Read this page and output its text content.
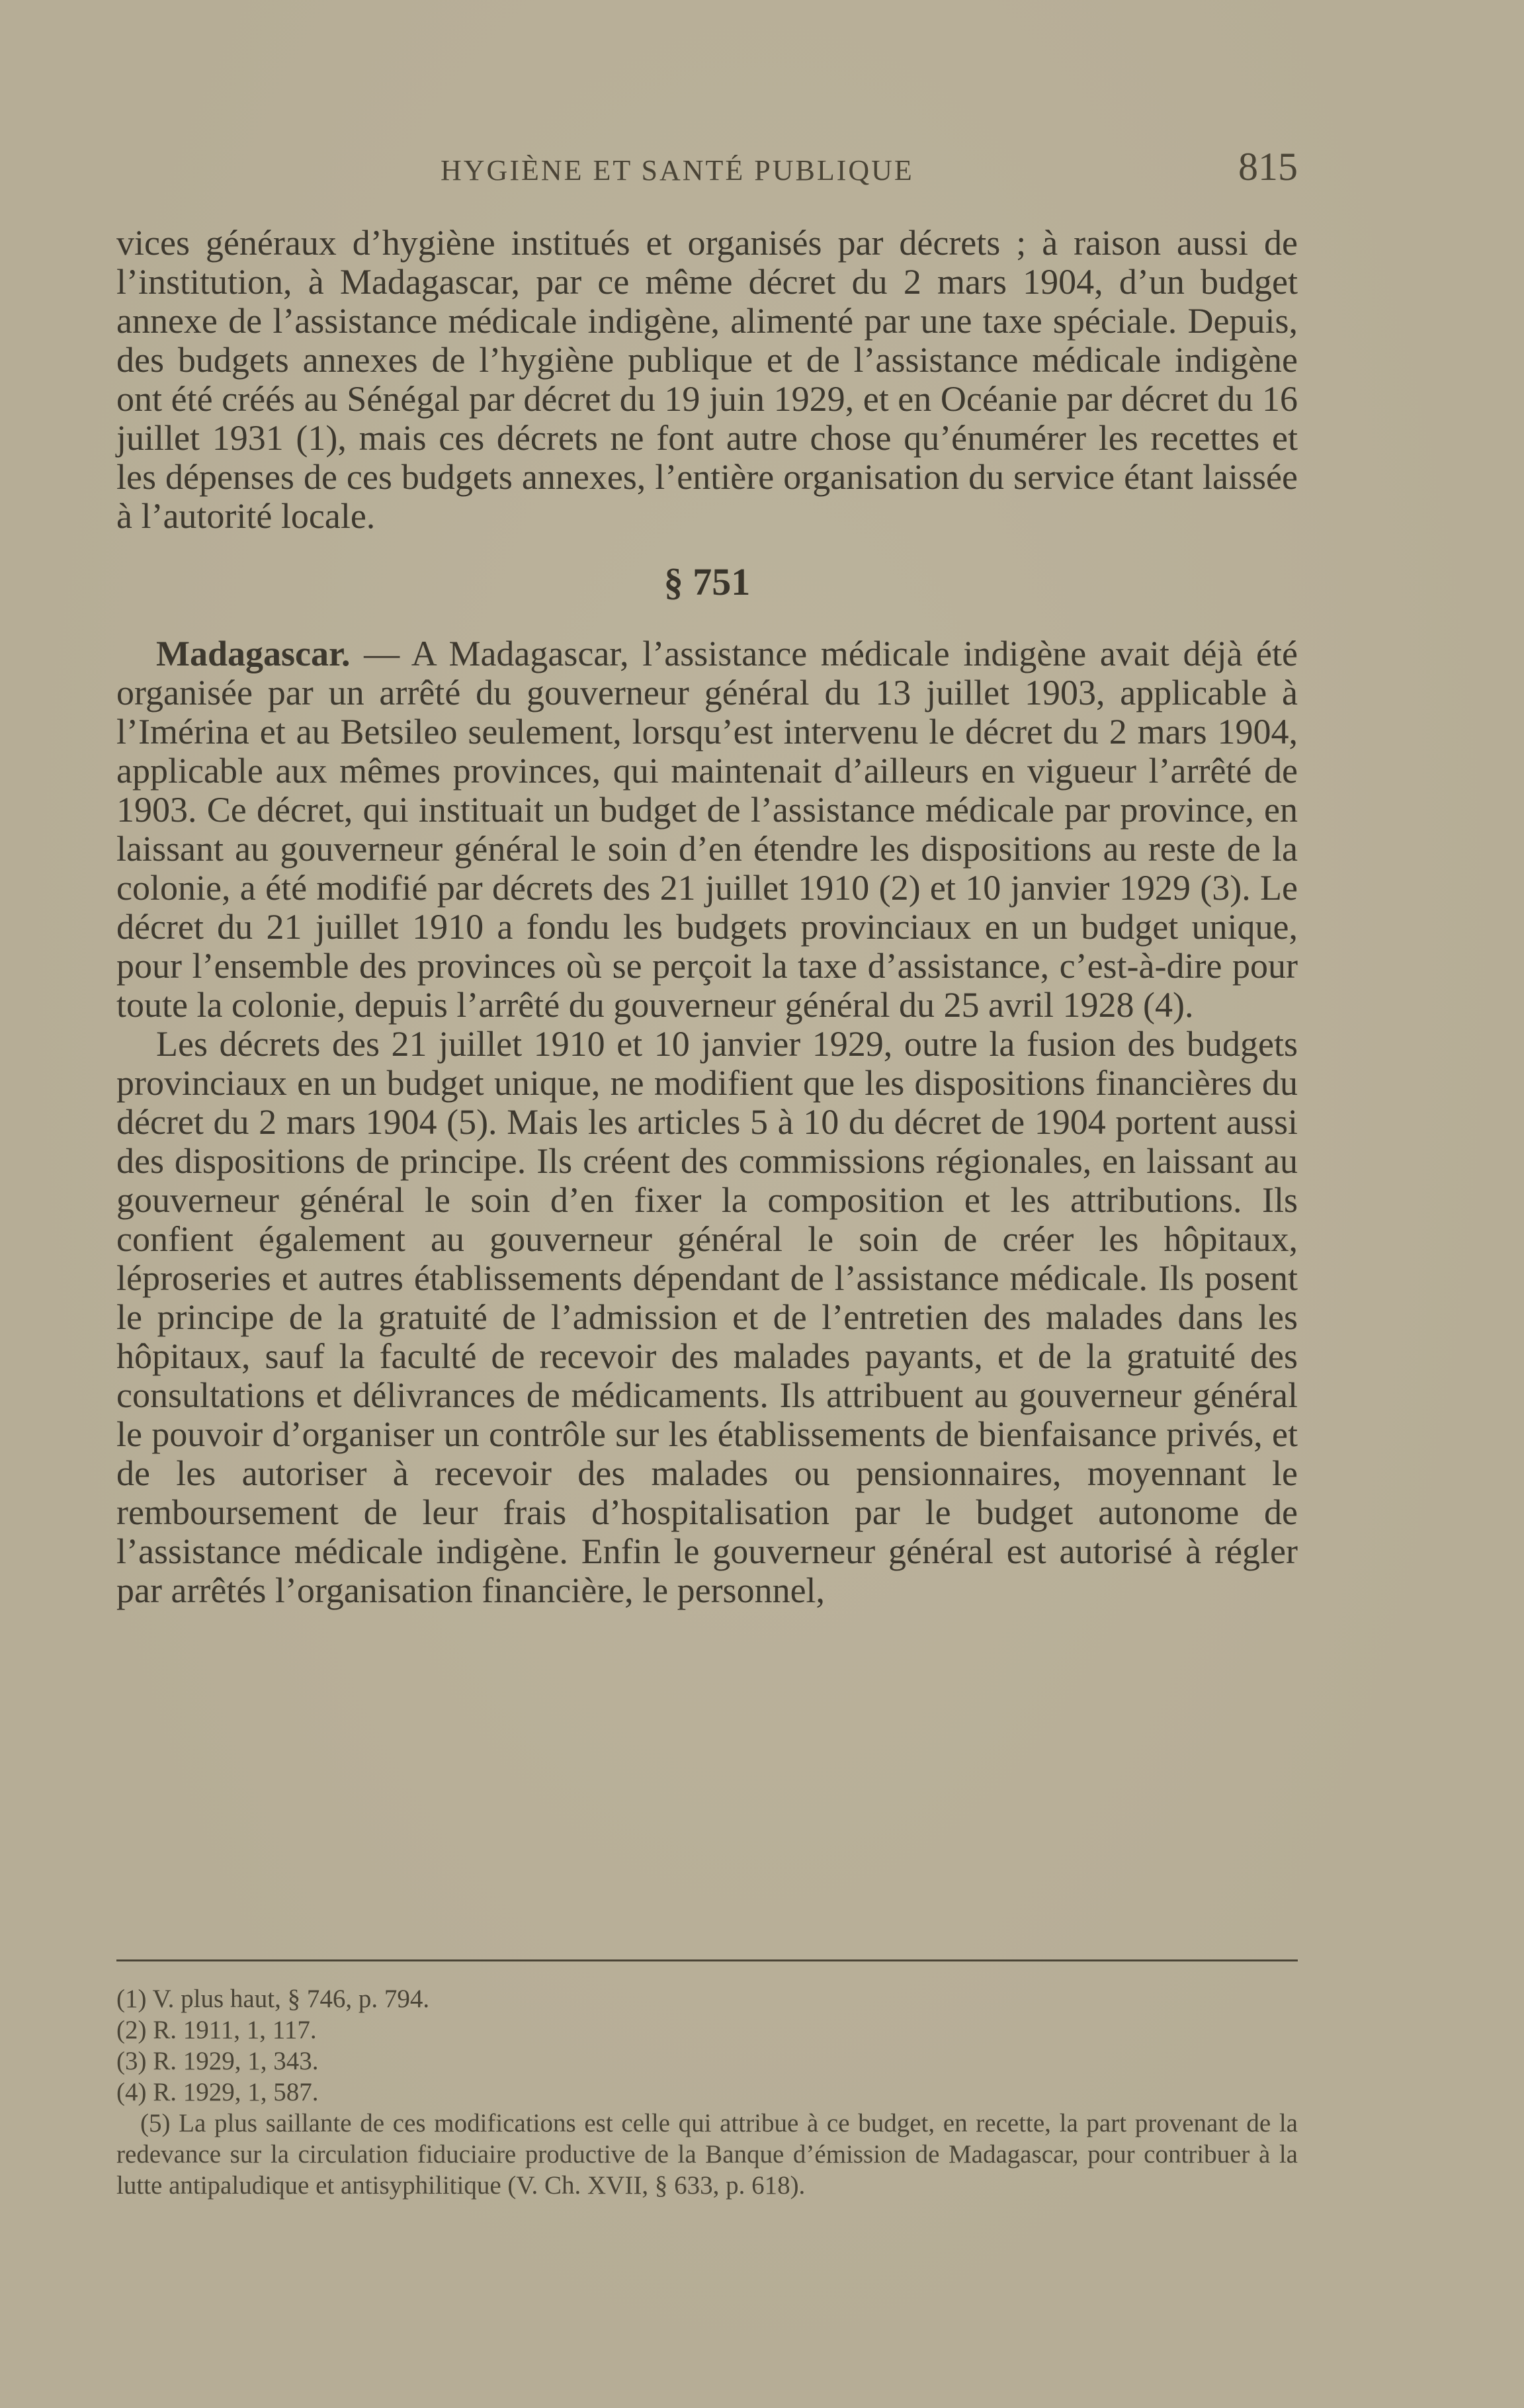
HYGIÈNE ET SANTÉ PUBLIQUE	815

vices généraux d’hygiène institués et organisés par décrets ; à raison aussi de l’institution, à Madagascar, par ce même décret du 2 mars 1904, d’un budget annexe de l’assistance médicale indigène, alimenté par une taxe spéciale. Depuis, des budgets annexes de l’hygiène publique et de l’assistance médicale indigène ont été créés au Sénégal par décret du 19 juin 1929, et en Océanie par décret du 16 juillet 1931 (1), mais ces décrets ne font autre chose qu’énumérer les recettes et les dépenses de ces budgets annexes, l’entière organisation du service étant laissée à l’autorité locale.

§ 751

Madagascar. — A Madagascar, l’assistance médicale indigène avait déjà été organisée par un arrêté du gouverneur général du 13 juillet 1903, applicable à l’Imérina et au Betsileo seulement, lorsqu’est intervenu le décret du 2 mars 1904, applicable aux mêmes provinces, qui maintenait d’ailleurs en vigueur l’arrêté de 1903. Ce décret, qui instituait un budget de l’assistance médicale par province, en laissant au gouverneur général le soin d’en étendre les dispositions au reste de la colonie, a été modifié par décrets des 21 juillet 1910 (2) et 10 janvier 1929 (3). Le décret du 21 juillet 1910 a fondu les budgets provinciaux en un budget unique, pour l’ensemble des provinces où se perçoit la taxe d’assistance, c’est-à-dire pour toute la colonie, depuis l’arrêté du gouverneur général du 25 avril 1928 (4).

Les décrets des 21 juillet 1910 et 10 janvier 1929, outre la fusion des budgets provinciaux en un budget unique, ne modifient que les dispositions financières du décret du 2 mars 1904 (5). Mais les articles 5 à 10 du décret de 1904 portent aussi des dispositions de principe. Ils créent des commissions régionales, en laissant au gouverneur général le soin d’en fixer la composition et les attributions. Ils confient également au gouverneur général le soin de créer les hôpitaux, léproseries et autres établissements dépendant de l’assistance médicale. Ils posent le principe de la gratuité de l’admission et de l’entretien des malades dans les hôpitaux, sauf la faculté de recevoir des malades payants, et de la gratuité des consultations et délivrances de médicaments. Ils attribuent au gouverneur général le pouvoir d’organiser un contrôle sur les établissements de bienfaisance privés, et de les autoriser à recevoir des malades ou pensionnaires, moyennant le remboursement de leur frais d’hospitalisation par le budget autonome de l’assistance médicale indigène. Enfin le gouverneur général est autorisé à régler par arrêtés l’organisation financière, le personnel,

(1) V. plus haut, § 746, p. 794.

(2) R. 1911, 1, 117.

(3) R. 1929, 1, 343.

(4) R. 1929, 1, 587.

(5) La plus saillante de ces modifications est celle qui attribue à ce budget, en recette, la part provenant de la redevance sur la circulation fiduciaire productive de la Banque d’émission de Madagascar, pour contribuer à la lutte antipaludique et antisyphilitique (V. Ch. XVII, § 633, p. 618).
